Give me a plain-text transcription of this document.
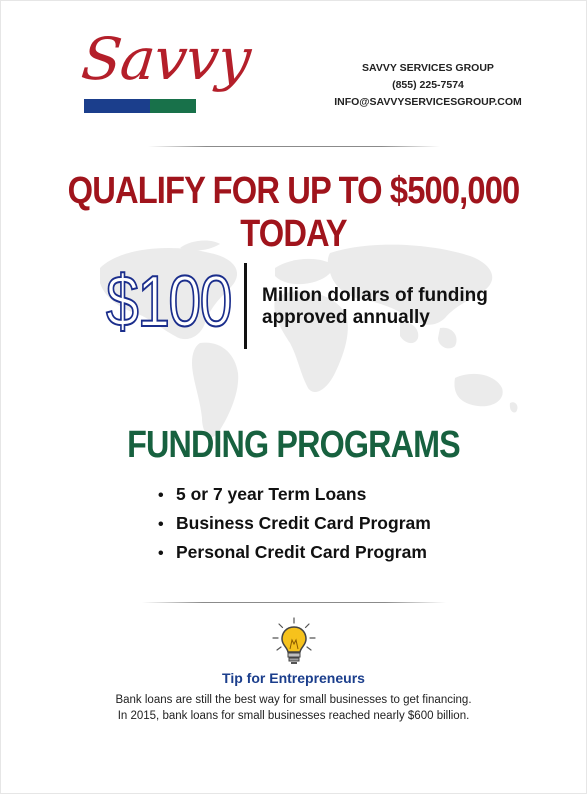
Savvy	SAVVY SERVICES GROUP
(855) 225-7574
INFO@SAVVYSERVICESGROUP.COM
QUALIFY FOR UP TO $500,000 TODAY
$100 Million dollars of funding
approved annually
FUNDING PROGRAMS
• 5 or 7 year Term Loans
• Business Credit Card Program
• Personal Credit Card Program
Tip for Entrepreneurs
Bank loans are still the best way for small businesses to get financing.
In 2015, bank loans for small businesses reached nearly $600 billion.
